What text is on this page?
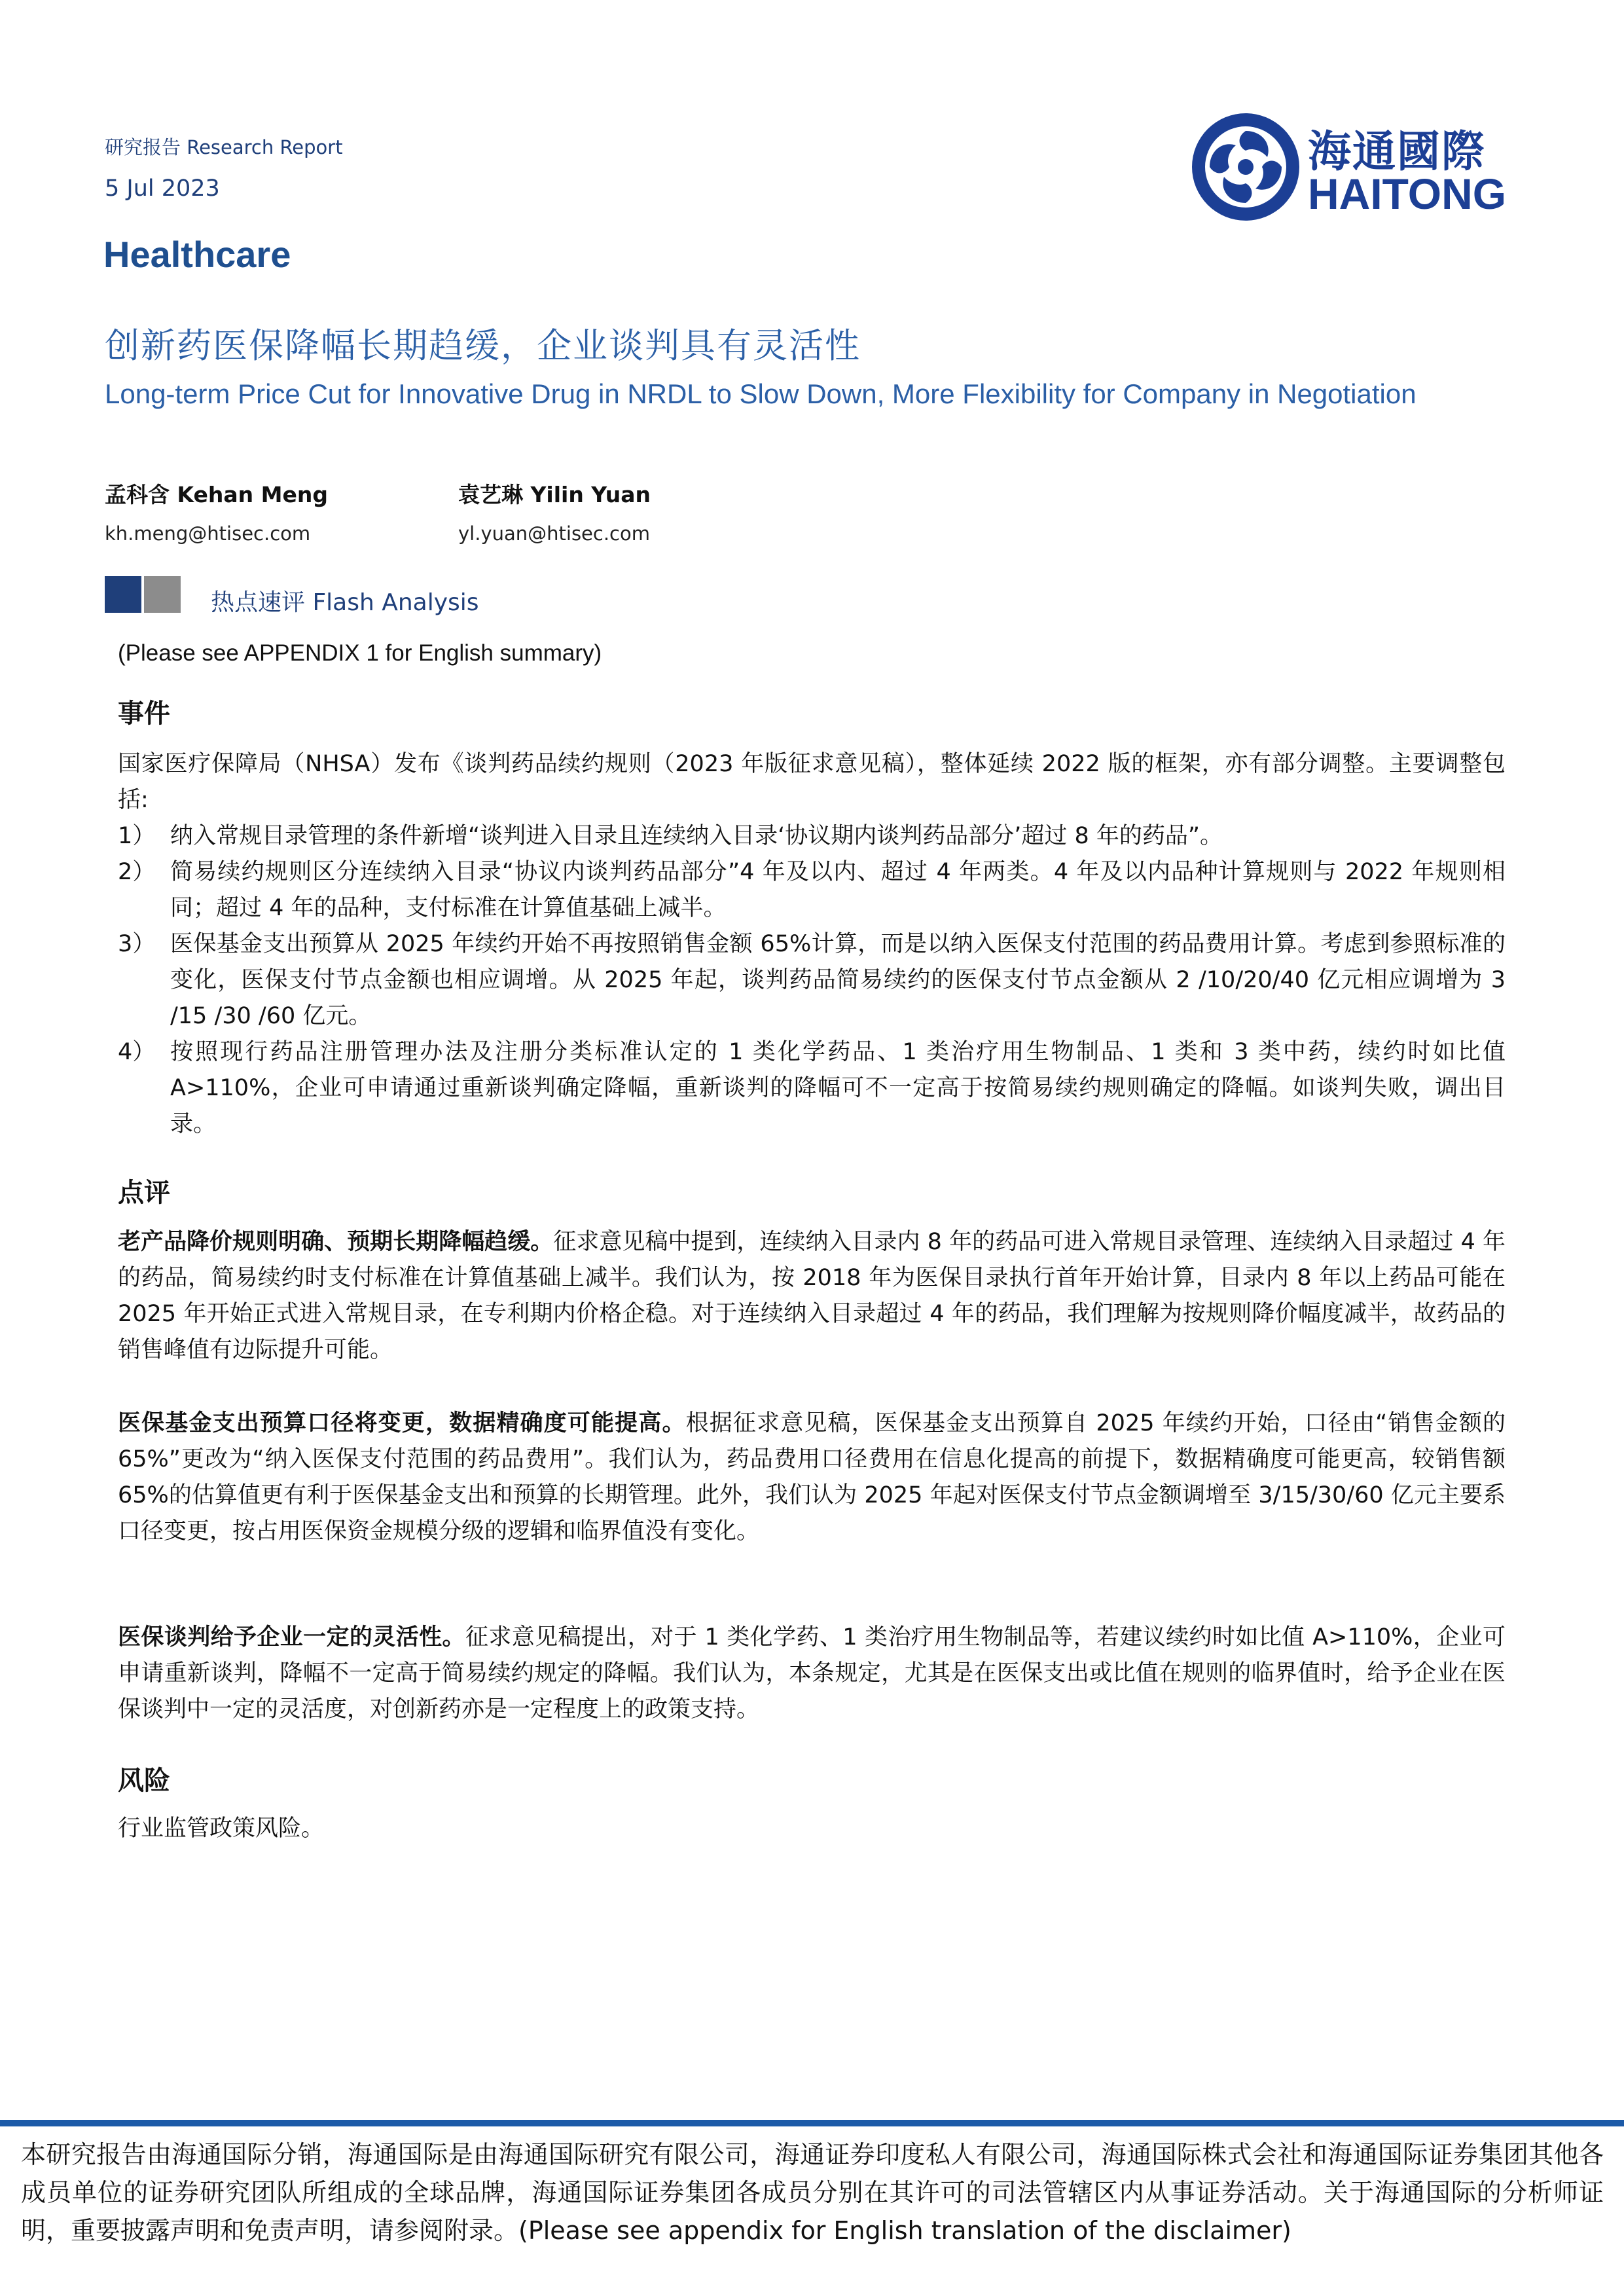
研究报告 Research Report
5 Jul 2023
Healthcare
创新药医保降幅长期趋缓，企业谈判具有灵活性
Long-term Price Cut for Innovative Drug in NRDL to Slow Down, More Flexibility for Company in Negotiation
海通國際
HAITONG
孟科含 Kehan Meng
kh.meng@htisec.com
袁艺琳 Yilin Yuan
yl.yuan@htisec.com
热点速评 Flash Analysis
(Please see APPENDIX 1 for English summary)
事件
国家医疗保障局（NHSA）发布《谈判药品续约规则（2023 年版征求意见稿），整体延续 2022 版的框架，亦有部分调整。主要调整包括:
1） 纳入常规目录管理的条件新增“谈判进入目录且连续纳入目录‘协议期内谈判药品部分’超过 8 年的药品”。
2） 简易续约规则区分连续纳入目录“协议内谈判药品部分”4 年及以内、超过 4 年两类。4 年及以内品种计算规则与 2022 年规则相同；超过 4 年的品种，支付标准在计算值基础上减半。
3） 医保基金支出预算从 2025 年续约开始不再按照销售金额 65%计算，而是以纳入医保支付范围的药品费用计算。考虑到参照标准的变化，医保支付节点金额也相应调增。从 2025 年起，谈判药品简易续约的医保支付节点金额从 2 /10/20/40 亿元相应调增为 3 /15 /30 /60 亿元。
4） 按照现行药品注册管理办法及注册分类标准认定的 1 类化学药品、1 类治疗用生物制品、1 类和 3 类中药，续约时如比值 A>110%，企业可申请通过重新谈判确定降幅，重新谈判的降幅可不一定高于按简易续约规则确定的降幅。如谈判失败，调出目录。
点评
老产品降价规则明确、预期长期降幅趋缓。征求意见稿中提到，连续纳入目录内 8 年的药品可进入常规目录管理、连续纳入目录超过 4 年的药品，简易续约时支付标准在计算值基础上减半。我们认为，按 2018 年为医保目录执行首年开始计算，目录内 8 年以上药品可能在 2025 年开始正式进入常规目录，在专利期内价格企稳。对于连续纳入目录超过 4 年的药品，我们理解为按规则降价幅度减半，故药品的销售峰值有边际提升可能。
医保基金支出预算口径将变更，数据精确度可能提高。根据征求意见稿，医保基金支出预算自 2025 年续约开始，口径由“销售金额的 65%”更改为“纳入医保支付范围的药品费用”。我们认为，药品费用口径费用在信息化提高的前提下，数据精确度可能更高，较销售额 65%的估算值更有利于医保基金支出和预算的长期管理。此外，我们认为 2025 年起对医保支付节点金额调增至 3/15/30/60 亿元主要系口径变更，按占用医保资金规模分级的逻辑和临界值没有变化。
医保谈判给予企业一定的灵活性。征求意见稿提出，对于 1 类化学药、1 类治疗用生物制品等，若建议续约时如比值 A>110%，企业可申请重新谈判，降幅不一定高于简易续约规定的降幅。我们认为，本条规定，尤其是在医保支出或比值在规则的临界值时，给予企业在医保谈判中一定的灵活度，对创新药亦是一定程度上的政策支持。
风险
行业监管政策风险。
本研究报告由海通国际分销，海通国际是由海通国际研究有限公司，海通证券印度私人有限公司，海通国际株式会社和海通国际证券集团其他各成员单位的证券研究团队所组成的全球品牌，海通国际证券集团各成员分别在其许可的司法管辖区内从事证券活动。关于海通国际的分析师证明，重要披露声明和免责声明，请参阅附录。(Please see appendix for English translation of the disclaimer)
